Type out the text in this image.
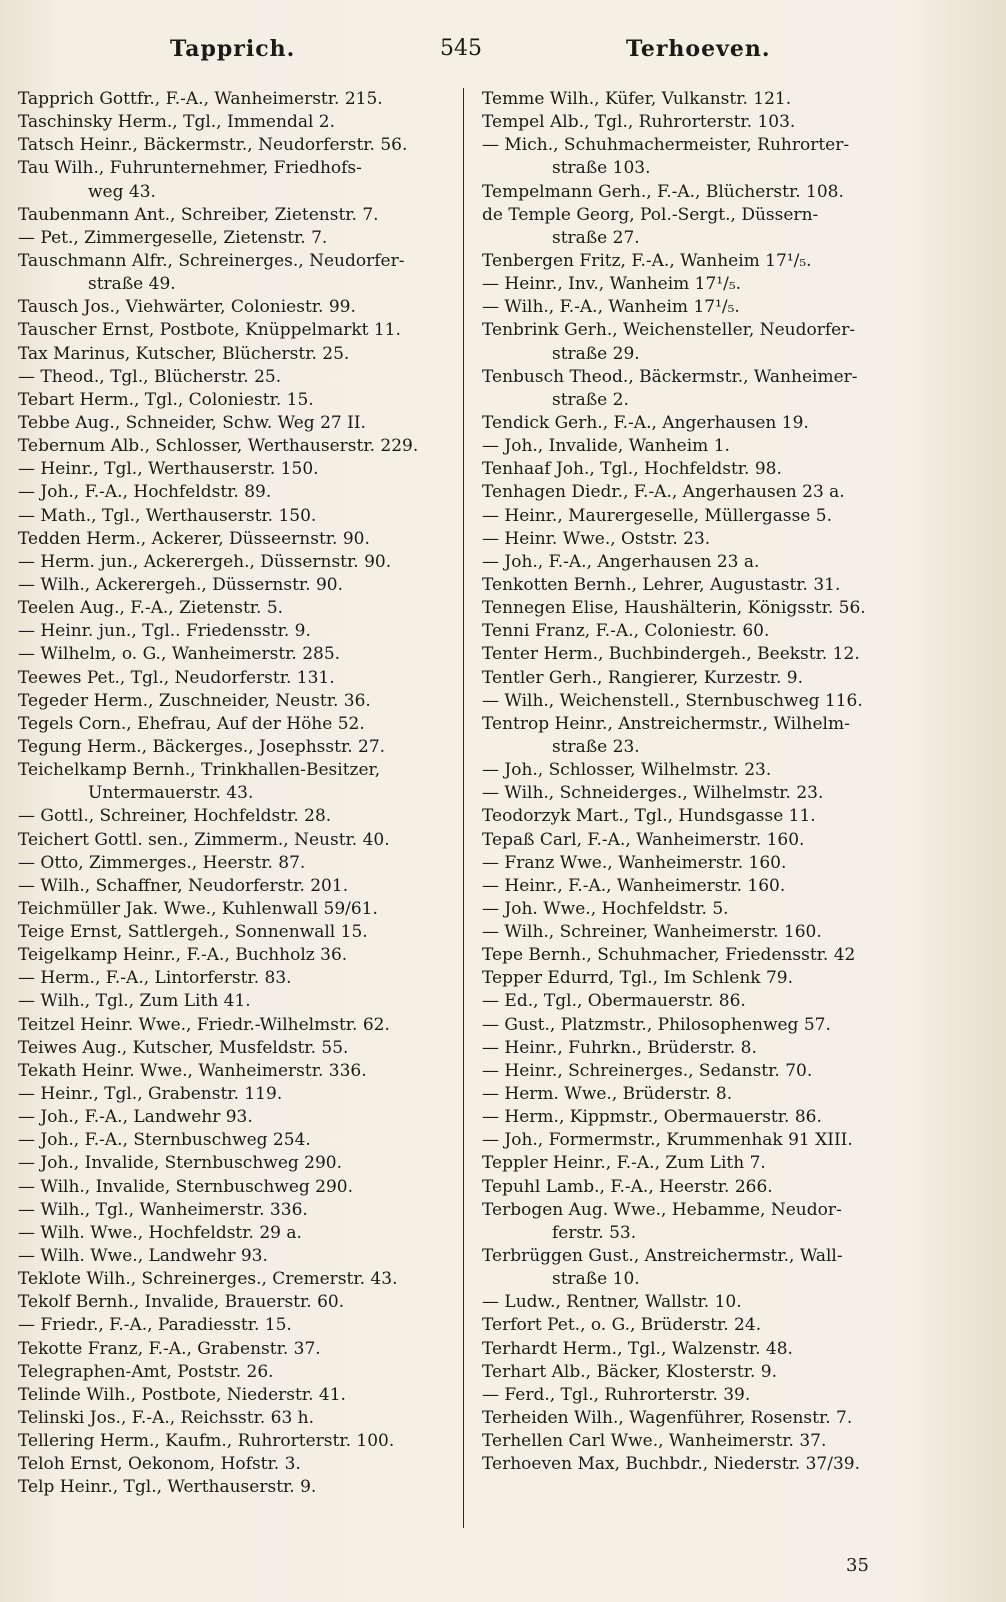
Tapprich.	545	Terhoeven.
Tapprich Gottfr., F.-A., Wanheimerstr. 215.
Taschinsky Herm., Tgl., Immendal 2.
Tatsch Heinr., Bäckermstr., Neudorferstr. 56.
Tau Wilh., Fuhrunternehmer, Friedhofs-
weg 43.
Taubenmann Ant., Schreiber, Zietenstr. 7.
— Pet., Zimmergeselle, Zietenstr. 7.
Tauschmann Alfr., Schreinerges., Neudorfer-
straße 49.
Tausch Jos., Viehwärter, Coloniestr. 99.
Tauscher Ernst, Postbote, Knüppelmarkt 11.
Tax Marinus, Kutscher, Blücherstr. 25.
— Theod., Tgl., Blücherstr. 25.
Tebart Herm., Tgl., Coloniestr. 15.
Tebbe Aug., Schneider, Schw. Weg 27 II.
Tebernum Alb., Schlosser, Werthauserstr. 229.
— Heinr., Tgl., Werthauserstr. 150.
— Joh., F.-A., Hochfeldstr. 89.
— Math., Tgl., Werthauserstr. 150.
Tedden Herm., Ackerer, Düsseernstr. 90.
— Herm. jun., Ackerergeh., Düssernstr. 90.
— Wilh., Ackerergeh., Düssernstr. 90.
Teelen Aug., F.-A., Zietenstr. 5.
— Heinr. jun., Tgl.. Friedensstr. 9.
— Wilhelm, o. G., Wanheimerstr. 285.
Teewes Pet., Tgl., Neudorferstr. 131.
Tegeder Herm., Zuschneider, Neustr. 36.
Tegels Corn., Ehefrau, Auf der Höhe 52.
Tegung Herm., Bäckerges., Josephsstr. 27.
Teichelkamp Bernh., Trinkhallen-Besitzer,
Untermauerstr. 43.
— Gottl., Schreiner, Hochfeldstr. 28.
Teichert Gottl. sen., Zimmerm., Neustr. 40.
— Otto, Zimmerges., Heerstr. 87.
— Wilh., Schaffner, Neudorferstr. 201.
Teichmüller Jak. Wwe., Kuhlenwall 59/61.
Teige Ernst, Sattlergeh., Sonnenwall 15.
Teigelkamp Heinr., F.-A., Buchholz 36.
— Herm., F.-A., Lintorferstr. 83.
— Wilh., Tgl., Zum Lith 41.
Teitzel Heinr. Wwe., Friedr.-Wilhelmstr. 62.
Teiwes Aug., Kutscher, Musfeldstr. 55.
Tekath Heinr. Wwe., Wanheimerstr. 336.
— Heinr., Tgl., Grabenstr. 119.
— Joh., F.-A., Landwehr 93.
— Joh., F.-A., Sternbuschweg 254.
— Joh., Invalide, Sternbuschweg 290.
— Wilh., Invalide, Sternbuschweg 290.
— Wilh., Tgl., Wanheimerstr. 336.
— Wilh. Wwe., Hochfeldstr. 29 a.
— Wilh. Wwe., Landwehr 93.
Teklote Wilh., Schreinerges., Cremerstr. 43.
Tekolf Bernh., Invalide, Brauerstr. 60.
— Friedr., F.-A., Paradiesstr. 15.
Tekotte Franz, F.-A., Grabenstr. 37.
Telegraphen-Amt, Poststr. 26.
Telinde Wilh., Postbote, Niederstr. 41.
Telinski Jos., F.-A., Reichsstr. 63 h.
Tellering Herm., Kaufm., Ruhrorterstr. 100.
Teloh Ernst, Oekonom, Hofstr. 3.
Telp Heinr., Tgl., Werthauserstr. 9.
Temme Wilh., Küfer, Vulkanstr. 121.
Tempel Alb., Tgl., Ruhrorterstr. 103.
— Mich., Schuhmachermeister, Ruhrorter-
straße 103.
Tempelmann Gerh., F.-A., Blücherstr. 108.
de Temple Georg, Pol.-Sergt., Düssern-
straße 27.
Tenbergen Fritz, F.-A., Wanheim 17¹/₅.
— Heinr., Inv., Wanheim 17¹/₅.
— Wilh., F.-A., Wanheim 17¹/₅.
Tenbrink Gerh., Weichensteller, Neudorfer-
straße 29.
Tenbusch Theod., Bäckermstr., Wanheimer-
straße 2.
Tendick Gerh., F.-A., Angerhausen 19.
— Joh., Invalide, Wanheim 1.
Tenhaaf Joh., Tgl., Hochfeldstr. 98.
Tenhagen Diedr., F.-A., Angerhausen 23 a.
— Heinr., Maurergeselle, Müllergasse 5.
— Heinr. Wwe., Oststr. 23.
— Joh., F.-A., Angerhausen 23 a.
Tenkotten Bernh., Lehrer, Augustastr. 31.
Tennegen Elise, Haushälterin, Königsstr. 56.
Tenni Franz, F.-A., Coloniestr. 60.
Tenter Herm., Buchbindergeh., Beekstr. 12.
Tentler Gerh., Rangierer, Kurzestr. 9.
— Wilh., Weichenstell., Sternbuschweg 116.
Tentrop Heinr., Anstreichermstr., Wilhelm-
straße 23.
— Joh., Schlosser, Wilhelmstr. 23.
— Wilh., Schneiderges., Wilhelmstr. 23.
Teodorzyk Mart., Tgl., Hundsgasse 11.
Tepaß Carl, F.-A., Wanheimerstr. 160.
— Franz Wwe., Wanheimerstr. 160.
— Heinr., F.-A., Wanheimerstr. 160.
— Joh. Wwe., Hochfeldstr. 5.
— Wilh., Schreiner, Wanheimerstr. 160.
Tepe Bernh., Schuhmacher, Friedensstr. 42
Tepper Edurrd, Tgl., Im Schlenk 79.
— Ed., Tgl., Obermauerstr. 86.
— Gust., Platzmstr., Philosophenweg 57.
— Heinr., Fuhrkn., Brüderstr. 8.
— Heinr., Schreinerges., Sedanstr. 70.
— Herm. Wwe., Brüderstr. 8.
— Herm., Kippmstr., Obermauerstr. 86.
— Joh., Formermstr., Krummenhak 91 XIII.
Teppler Heinr., F.-A., Zum Lith 7.
Tepuhl Lamb., F.-A., Heerstr. 266.
Terbogen Aug. Wwe., Hebamme, Neudor-
ferstr. 53.
Terbrüggen Gust., Anstreichermstr., Wall-
straße 10.
— Ludw., Rentner, Wallstr. 10.
Terfort Pet., o. G., Brüderstr. 24.
Terhardt Herm., Tgl., Walzenstr. 48.
Terhart Alb., Bäcker, Klosterstr. 9.
— Ferd., Tgl., Ruhrorterstr. 39.
Terheiden Wilh., Wagenführer, Rosenstr. 7.
Terhellen Carl Wwe., Wanheimerstr. 37.
Terhoeven Max, Buchbdr., Niederstr. 37/39.
35
